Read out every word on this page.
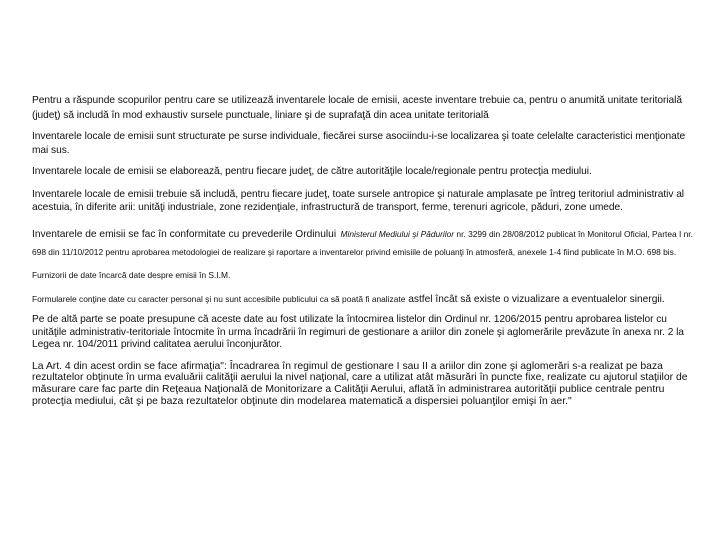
Pentru a răspunde scopurilor pentru care se utilizează inventarele locale de emisii, aceste inventare trebuie ca, pentru o anumită unitate teritorială (judeţ) să includă în mod exhaustiv sursele punctuale, liniare şi de suprafaţă din acea unitate teritorială

Inventarele locale de emisii sunt structurate pe surse individuale, fiecărei surse asociindu-i-se localizarea şi toate celelalte caracteristici menţionate mai sus.

Inventarele locale de emisii se elaborează, pentru fiecare judeţ, de către autorităţile locale/regionale pentru protecţia mediului.

Inventarele locale de emisii trebuie să includă, pentru fiecare judeţ, toate sursele antropice şi naturale amplasate pe întreg teritoriul administrativ al acestuia, în diferite arii: unităţi industriale, zone rezidenţiale, infrastructură de transport, ferme, terenuri agricole, păduri, zone umede.

Inventarele de emisii se fac în conformitate cu prevederile Ordinului Ministerul Mediului şi Pădurilor nr. 3299 din 28/08/2012 publicat în Monitorul Oficial, Partea I nr. 698 din 11/10/2012 pentru aprobarea metodologiei de realizare şi raportare a inventarelor privind emisiile de poluanţi în atmosferă, anexele 1-4 fiind publicate în M.O. 698 bis.

Furnizorii de date încarcă date despre emisii în S.I.M.

Formularele conţine date cu caracter personal şi nu sunt accesibile publicului ca să poată fi analizate astfel încât să existe o vizualizare a eventualelor sinergii.

Pe de altă parte se poate presupune că aceste date au fost utilizate la întocmirea listelor din Ordinul nr. 1206/2015 pentru aprobarea listelor cu unităţile administrativ-teritoriale întocmite în urma încadrării în regimuri de gestionare a ariilor din zonele şi aglomerările prevăzute în anexa nr. 2 la Legea nr. 104/2011 privind calitatea aerului înconjurător.

La Art. 4 din acest ordin se face afirmaţia": Încadrarea în regimul de gestionare I sau II a ariilor din zone şi aglomerări s-a realizat pe baza rezultatelor obţinute în urma evaluării calităţii aerului la nivel naţional, care a utilizat atât măsurări în puncte fixe, realizate cu ajutorul staţiilor de măsurare care fac parte din Reţeaua Naţională de Monitorizare a Calităţii Aerului, aflată în administrarea autorităţii publice centrale pentru protecţia mediului, cât şi pe baza rezultatelor obţinute din modelarea matematică a dispersiei poluanţilor emişi în aer."
